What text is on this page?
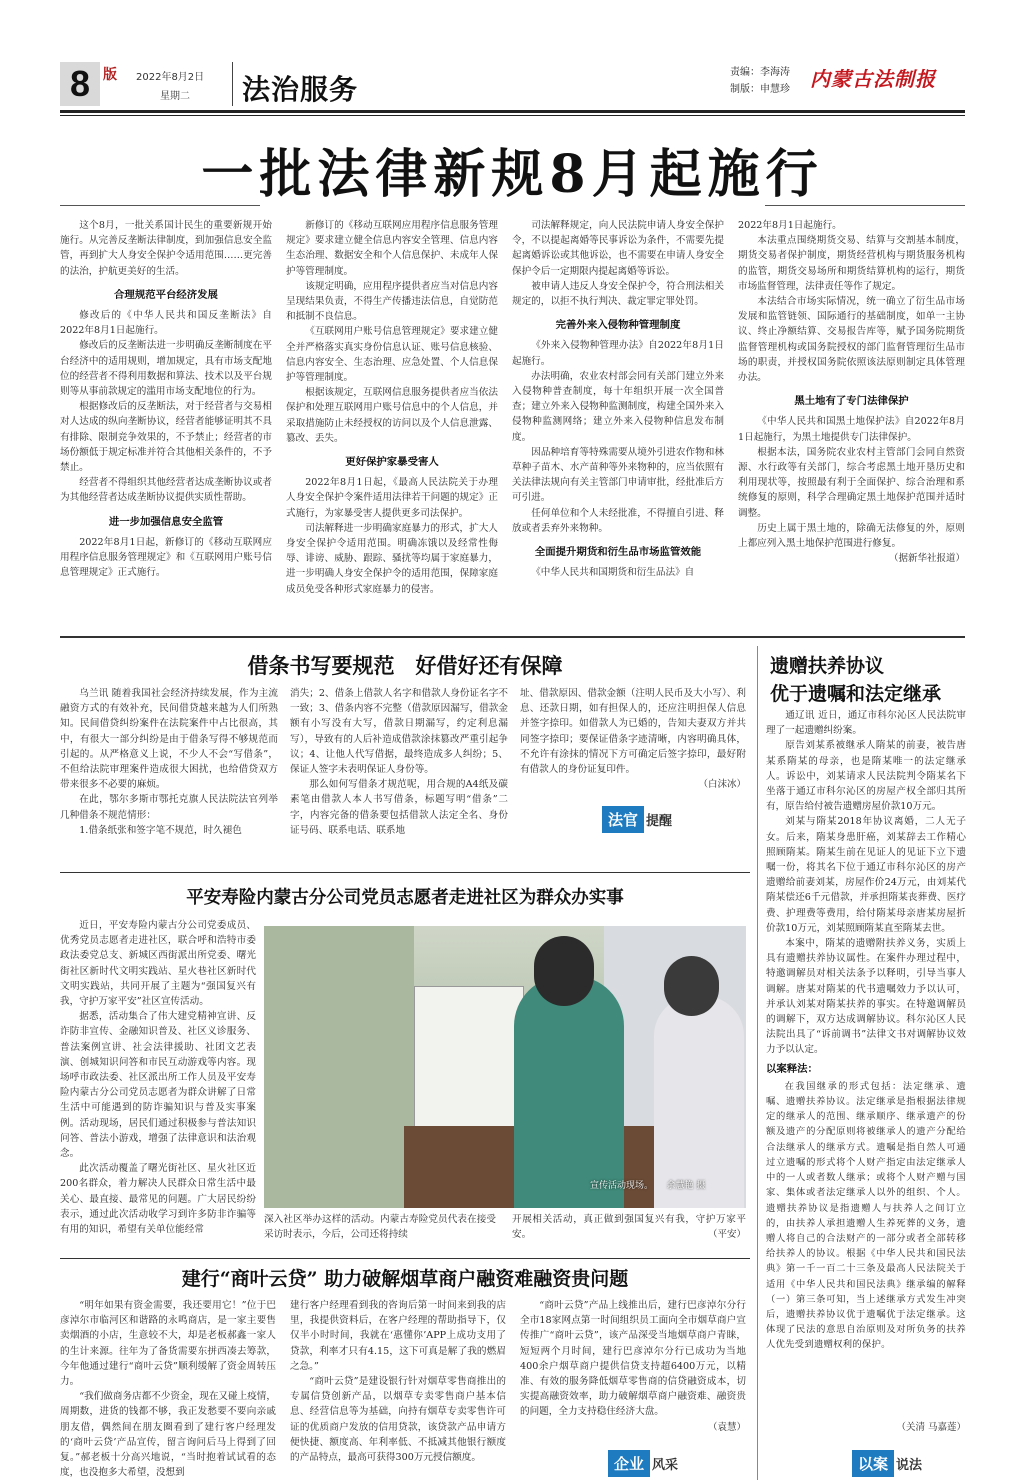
8 版 2022年8月2日
星期二 法治服务
责编：李海涛
制版：申慧珍 内蒙古法制报
一批法律新规8月起施行

这个8月，一批关系国计民生的重要新规开始施行。从完善反垄断法律制度，到加强信息安全监管，再到扩大人身安全保护令适用范围……更完善的法治，护航更美好的生活。

合理规范平台经济发展

修改后的《中华人民共和国反垄断法》自2022年8月1日起施行。

修改后的反垄断法进一步明确反垄断制度在平台经济中的适用规则，增加规定，具有市场支配地位的经营者不得利用数据和算法、技术以及平台规则等从事前款规定的滥用市场支配地位的行为。

根据修改后的反垄断法，对于经营者与交易相对人达成的纵向垄断协议，经营者能够证明其不具有排除、限制竞争效果的，不予禁止；经营者的市场份额低于规定标准并符合其他相关条件的，不予禁止。

经营者不得组织其他经营者达成垄断协议或者为其他经营者达成垄断协议提供实质性帮助。

进一步加强信息安全监管

2022年8月1日起，新修订的《移动互联网应用程序信息服务管理规定》和《互联网用户账号信息管理规定》正式施行。

新修订的《移动互联网应用程序信息服务管理规定》要求建立健全信息内容安全管理、信息内容生态治理、数据安全和个人信息保护、未成年人保护等管理制度。

该规定明确，应用程序提供者应当对信息内容呈现结果负责，不得生产传播违法信息，自觉防范和抵制不良信息。

《互联网用户账号信息管理规定》要求建立健全并严格落实真实身份信息认证、账号信息核验、信息内容安全、生态治理、应急处置、个人信息保护等管理制度。

根据该规定，互联网信息服务提供者应当依法保护和处理互联网用户账号信息中的个人信息，并采取措施防止未经授权的访问以及个人信息泄露、篡改、丢失。

更好保护家暴受害人

2022年8月1日起，《最高人民法院关于办理人身安全保护令案件适用法律若干问题的规定》正式施行，为家暴受害人提供更多司法保护。

司法解释进一步明确家庭暴力的形式，扩大人身安全保护令适用范围。明确冻饿以及经常性侮辱、诽谤、威胁、跟踪、骚扰等均属于家庭暴力，进一步明确人身安全保护令的适用范围，保障家庭成员免受各种形式家庭暴力的侵害。

司法解释规定，向人民法院申请人身安全保护令，不以提起离婚等民事诉讼为条件，不需要先提起离婚诉讼或其他诉讼，也不需要在申请人身安全保护令后一定期限内提起离婚等诉讼。

被申请人违反人身安全保护令，符合刑法相关规定的，以拒不执行判决、裁定罪定罪处罚。

完善外来入侵物种管理制度

《外来入侵物种管理办法》自2022年8月1日起施行。

办法明确，农业农村部会同有关部门建立外来入侵物种普查制度，每十年组织开展一次全国普查；建立外来入侵物种监测制度，构建全国外来入侵物种监测网络；建立外来入侵物种信息发布制度。

因品种培育等特殊需要从境外引进农作物和林草种子苗木、水产苗种等外来物种的，应当依照有关法律法规向有关主管部门申请审批，经批准后方可引进。

任何单位和个人未经批准，不得擅自引进、释放或者丢弃外来物种。

全面提升期货和衍生品市场监管效能

《中华人民共和国期货和衍生品法》自

2022年8月1日起施行。

本法重点围绕期货交易、结算与交割基本制度，期货交易者保护制度，期货经营机构与期货服务机构的监管，期货交易场所和期货结算机构的运行，期货市场监督管理，法律责任等作了规定。

本法结合市场实际情况，统一确立了衍生品市场发展和监管链领、国际通行的基础制度，如单一主协议、终止净额结算、交易报告库等，赋予国务院期货监督管理机构或国务院授权的部门监督管理衍生品市场的职责，并授权国务院依照该法原则制定具体管理办法。

黑土地有了专门法律保护

《中华人民共和国黑土地保护法》自2022年8月1日起施行，为黑土地提供专门法律保护。

根据本法，国务院农业农村主管部门会同自然资源、水行政等有关部门，综合考虑黑土地开垦历史和利用现状等，按照最有利于全面保护、综合治理和系统修复的原则，科学合理确定黑土地保护范围并适时调整。

历史上属于黑土地的，除确无法修复的外，原则上都应列入黑土地保护范围进行修复。

（据新华社报道）

借条书写要规范　好借好还有保障

乌兰讯 随着我国社会经济持续发展，作为主流融资方式的有效补充，民间借贷越来越为人们所熟知。民间借贷纠纷案件在法院案件中占比很高，其中，有很大一部分纠纷是由于借条写得不够规范而引起的。从严格意义上说，不少人不会“写借条”，不但给法院审理案件造成很大困扰，也给借贷双方带来很多不必要的麻烦。

在此，鄂尔多斯市鄂托克旗人民法院法官列举几种借条不规范情形：

1.借条纸张和签字笔不规范，时久褪色

消失；2、借条上借款人名字和借款人身份证名字不一致；3、借条内容不完整（借款原因漏写，借款金额有小写没有大写，借款日期漏写，约定利息漏写），导致有的人后补造成借款涂抹篡改严重引起争议；4、让他人代写借据，最终造成多人纠纷；5、保证人签字未表明保证人身份等。

那么如何写借条才规范呢，用合规的A4纸及碳素笔由借款人本人书写借条，标题写明“借条”二字，内容完备的借条要包括借款人法定全名、身份证号码、联系电话、联系地

址、借款原因、借款金额（注明人民币及大小写）、利息、还款日期，如有担保人的，还应注明担保人信息并签字捺印。如借款人为已婚的，告知夫妻双方并共同签字捺印；要保证借条字迹清晰，内容明确具体，不允许有涂抹的情况下方可确定后签字捺印，最好附有借款人的身份证复印件。

（白沫冰）

法官 提醒
遗赠扶养协议
优于遗嘱和法定继承

通辽讯 近日，通辽市科尔沁区人民法院审理了一起遗赠纠纷案。

原告刘某系被继承人隋某的前妻，被告唐某系隋某的母亲，也是隋某唯一的法定继承人。诉讼中，刘某请求人民法院判令隋某名下坐落于通辽市科尔沁区的房屋产权全部归其所有，原告给付被告遗赠房屋价款10万元。

刘某与隋某2018年协议离婚，二人无子女。后来，隋某身患肝癌，刘某辞去工作精心照顾隋某。隋某生前在见证人的见证下立下遗嘱一份，将其名下位于通辽市科尔沁区的房产遗赠给前妻刘某，房屋作价24万元，由刘某代隋某偿还6千元借款，并承担隋某丧葬费、医疗费、护理费等费用，给付隋某母亲唐某房屋折价款10万元，刘某照顾隋某直至隋某去世。

本案中，隋某的遗赠附扶养义务，实质上具有遗赠扶养协议属性。在案件办理过程中，特邀调解员对相关法条予以释明，引导当事人调解。唐某对隋某的代书遗嘱效力予以认可，并承认刘某对隋某扶养的事实。在特邀调解员的调解下，双方达成调解协议。科尔沁区人民法院出具了“诉前调书”法律文书对调解协议效力予以认定。

以案释法：

在我国继承的形式包括：法定继承、遗嘱、遗赠扶养协议。法定继承是指根据法律规定的继承人的范围、继承顺序、继承遗产的份额及遗产的分配原则将被继承人的遗产分配给合法继承人的继承方式。遗嘱是指自然人可通过立遗嘱的形式将个人财产指定由法定继承人中的一人或者数人继承；或将个人财产赠与国家、集体或者法定继承人以外的组织、个人。遗赠扶养协议是指遗赠人与扶养人之间订立的，由扶养人承担遗赠人生养死葬的义务，遗赠人将自己的合法财产的一部分或者全部转移给扶养人的协议。根据《中华人民共和国民法典》第一千一百二十三条及最高人民法院关于适用《中华人民共和国民法典》继承编的解释（一）第三条可知，当上述继承方式发生冲突后，遗赠扶养协议优于遗嘱优于法定继承。这体现了民法的意思自治原则及对所负务的扶养人优先受到遗赠权利的保护。

（关清 马嘉莲）
以案 说法
平安寿险内蒙古分公司党员志愿者走进社区为群众办实事

近日，平安寿险内蒙古分公司党委成员、优秀党员志愿者走进社区，联合呼和浩特市委政法委党总支、新城区西街派出所党委、曙光街社区新时代文明实践站、星火巷社区新时代文明实践站，共同开展了主题为“强国复兴有我，守护万家平安”社区宣传活动。

据悉，活动集合了伟大建党精神宣讲、反诈防非宣传、金融知识普及、社区义诊服务、普法案例宣讲、社会法律援助、社团文艺表演、创城知识问答和市民互动游戏等内容。现场呼市政法委、社区派出所工作人员及平安寿险内蒙古分公司党员志愿者为群众讲解了日常生活中可能遇到的防诈骗知识与普及实事案例。活动现场，居民们通过积极参与普法知识问答、普法小游戏，增强了法律意识和法治观念。

此次活动覆盖了曙光街社区、星火社区近200名群众，着力解决人民群众日常生活中最关心、最直接、最常见的问题。广大居民纷纷表示，通过此次活动收学习到许多防非诈骗等有用的知识，希望有关单位能经常

宣传活动现场。　　余慧艳 摄

深入社区举办这样的活动。内蒙古寿险党员代表在接受采访时表示，今后，公司还将持续

开展相关活动，真正做到强国复兴有我，守护万家平安。	（平安）

建行“商叶云贷” 助力破解烟草商户融资难融资贵问题

“明年如果有资金需要，我还要用它！”位于巴彦淖尔市临河区和谐路的永鸣商店，是一家主要售卖烟酒的小店，生意较不大，却是老板郝鑫一家人的生计来源。往年为了备货需要东拼西凑去筹款，今年他通过建行“商叶云贷”顺利缓解了资金周转压力。

“我们做商务店都不少资金，现在又碰上疫情，周期数，进货的钱都不够，我正发愁要不要向亲戚朋友借，偶然间在朋友圈看到了建行客户经理发的‘商叶云贷’产品宣传，留言询问后马上得到了回复。”郝老板十分高兴地说，“当时抱着试试看的态度，也没抱多大希望，没想到

建行客户经理看到我的咨询后第一时间来到我的店里，我提供资料后，在客户经理的帮助指导下，仅仅半小时时间，我就在‘惠懂你’APP上成功支用了贷款，利率才只有4.15，这下可真是解了我的燃眉之急。”

“商叶云贷”是建设银行针对烟草零售商推出的专属信贷创新产品，以烟草专卖零售商户基本信息、经营信息等为基础，向持有烟草专卖零售许可证的优质商户发放的信用贷款，该贷款产品申请方便快捷、额度高、年利率低、不抵减其他银行额度的产品特点，最高可获得300万元授信额度。

“商叶云贷”产品上线推出后，建行巴彦淖尔分行全市18家网点第一时间组织员工面向全市烟草商户宣传推广“商叶云贷”，该产品深受当地烟草商户青睐，短短两个月时间，建行巴彦淖尔分行已成功为当地400余户烟草商户提供信贷支持超6400万元，以精准、有效的服务降低烟草零售商的信贷融资成本，切实提高融资效率，助力破解烟草商户融资难、融资贵的问题，全力支持稳住经济大盘。

（袁慧）

企业 风采
